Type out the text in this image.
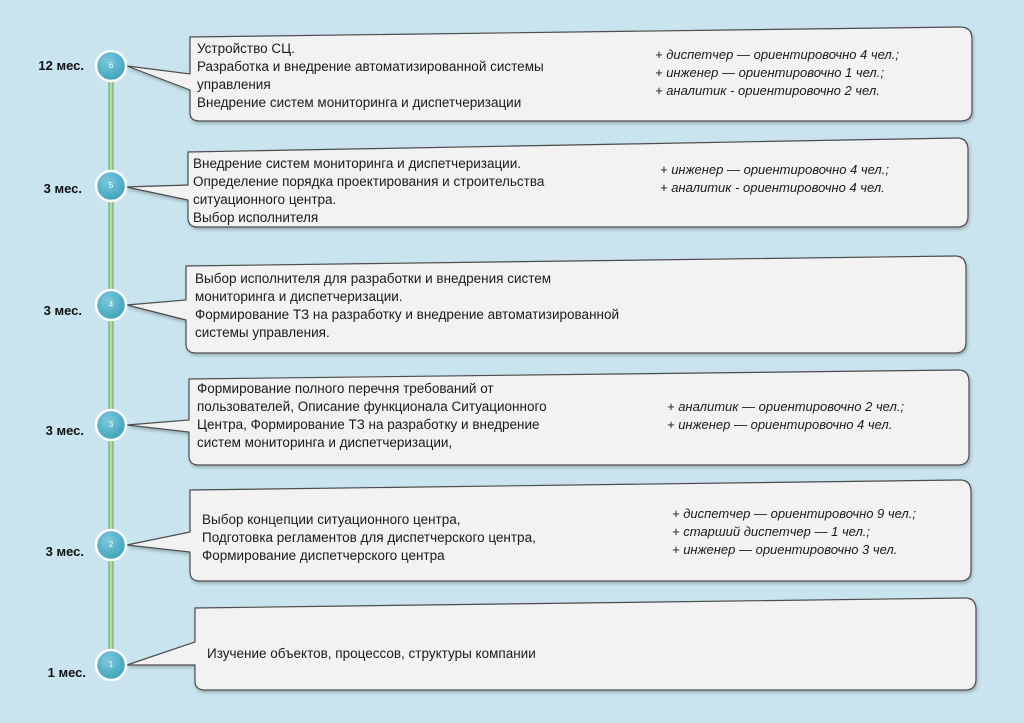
6
5
4
3
2
1
12 мес.
3 мес.
3 мес.
3 мес.
3 мес.
1 мес.
Устройство СЦ.
Разработка и внедрение автоматизированной системы
управления
Внедрение систем мониторинга и диспетчеризации
Внедрение систем мониторинга и диспетчеризации.
Определение порядка проектирования и строительства
ситуационного центра.
Выбор исполнителя
Выбор исполнителя для разработки и внедрения систем
мониторинга и диспетчеризации.
Формирование ТЗ на разработку и внедрение автоматизированной
системы управления.
Формирование полного перечня требований от
пользователей, Описание функционала Ситуационного
Центра, Формирование ТЗ на разработку и внедрение
систем мониторинга и диспетчеризации,
Выбор концепции ситуационного центра,
Подготовка регламентов для диспетчерского центра,
Формирование диспетчерского центра
Изучение объектов, процессов, структуры компании
+ диспетчер — ориентировочно 4 чел.;
+ инженер — ориентировочно 1 чел.;
+ аналитик - ориентировочно 2 чел.
+ инженер — ориентировочно 4 чел.;
+ аналитик - ориентировочно 4 чел.
+ аналитик — ориентировочно 2 чел.;
+ инженер — ориентировочно 4 чел.
+ диспетчер — ориентировочно 9 чел.;
+ старший диспетчер — 1 чел.;
+ инженер — ориентировочно 3 чел.
